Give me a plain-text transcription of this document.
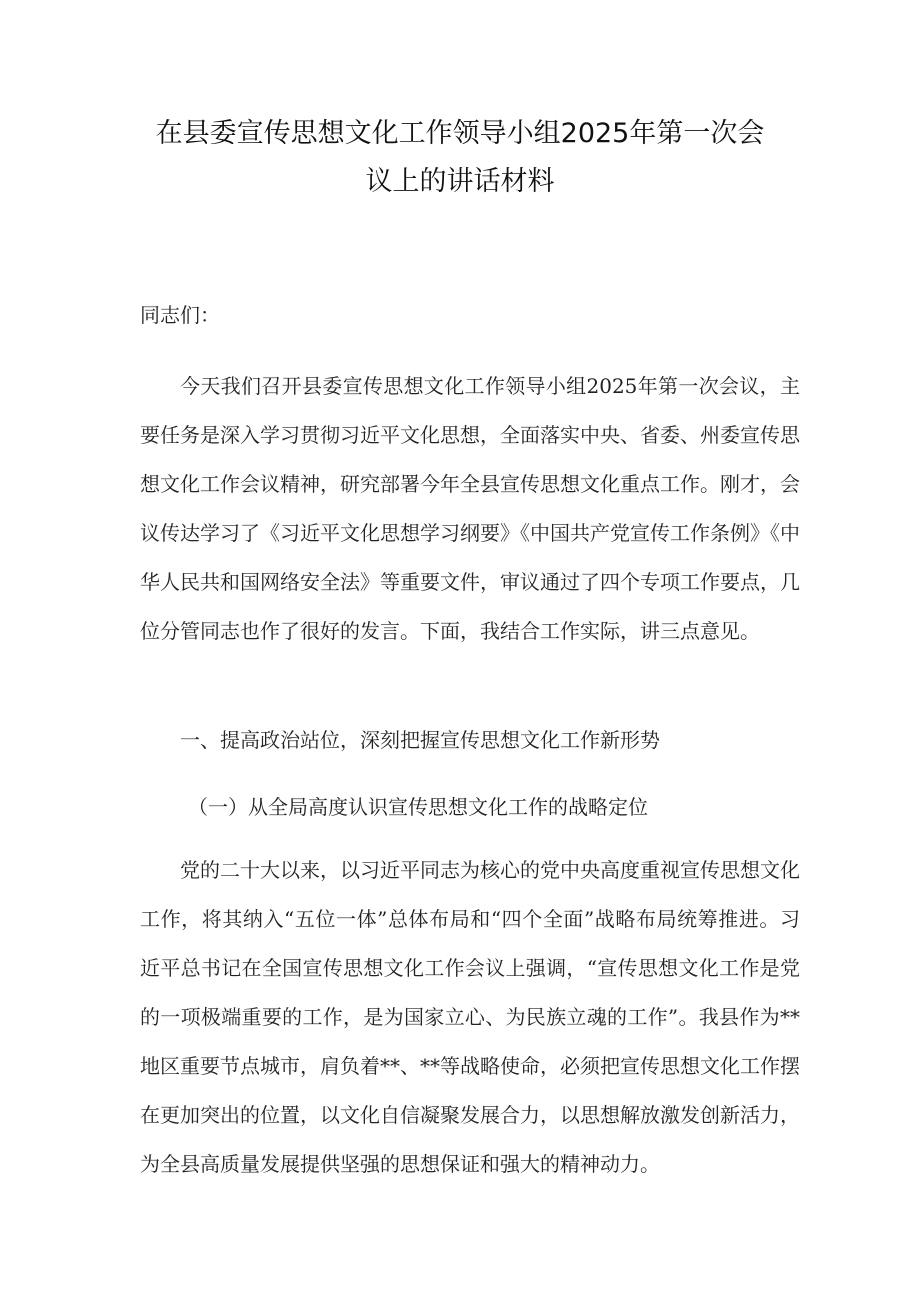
在县委宣传思想文化工作领导小组2025年第一次会
议上的讲话材料

同志们：

今天我们召开县委宣传思想文化工作领导小组2025年第一次会议，主要任务是深入学习贯彻习近平文化思想，全面落实中央、省委、州委宣传思想文化工作会议精神，研究部署今年全县宣传思想文化重点工作。刚才，会议传达学习了《习近平文化思想学习纲要》《中国共产党宣传工作条例》《中华人民共和国网络安全法》等重要文件，审议通过了四个专项工作要点，几位分管同志也作了很好的发言。下面，我结合工作实际，讲三点意见。

一、提高政治站位，深刻把握宣传思想文化工作新形势

（一）从全局高度认识宣传思想文化工作的战略定位

党的二十大以来，以习近平同志为核心的党中央高度重视宣传思想文化工作，将其纳入“五位一体”总体布局和“四个全面”战略布局统筹推进。习近平总书记在全国宣传思想文化工作会议上强调，“宣传思想文化工作是党的一项极端重要的工作，是为国家立心、为民族立魂的工作”。我县作为**地区重要节点城市，肩负着**、**等战略使命，必须把宣传思想文化工作摆在更加突出的位置，以文化自信凝聚发展合力，以思想解放激发创新活力，为全县高质量发展提供坚强的思想保证和强大的精神动力。
